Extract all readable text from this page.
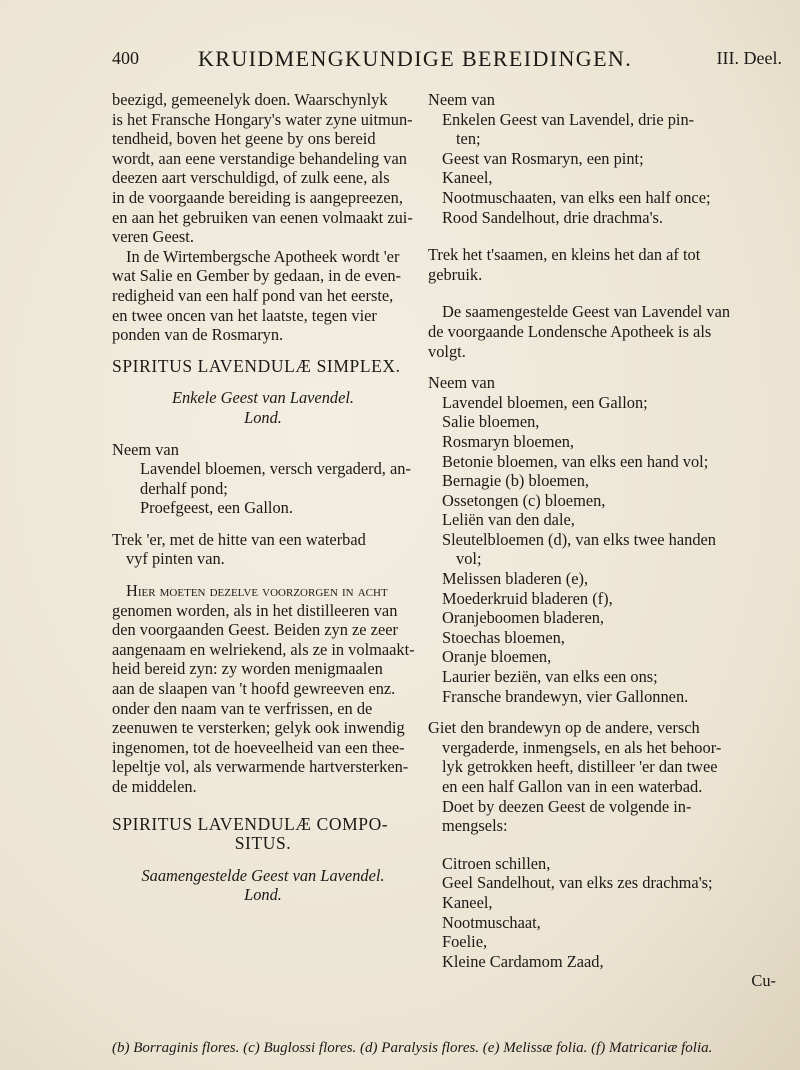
400	KRUIDMENGKUNDIGE BEREIDINGEN.	III. Deel.
beezigd, gemeenelyk doen. Waarschynlyk
is het Fransche Hongary's water zyne uitmun-
tendheid, boven het geene by ons bereid
wordt, aan eene verstandige behandeling van
deezen aart verschuldigd, of zulk eene, als
in de voorgaande bereiding is aangepreezen,
en aan het gebruiken van eenen volmaakt zui-
veren Geest.
In de Wirtembergsche Apotheek wordt 'er
wat Salie en Gember by gedaan, in de even-
redigheid van een half pond van het eerste,
en twee oncen van het laatste, tegen vier
ponden van de Rosmaryn.
SPIRITUS LAVENDULÆ SIMPLEX.
Enkele Geest van Lavendel.
Lond.
Neem van
Lavendel bloemen, versch vergaderd, an-
derhalf pond;
Proefgeest, een Gallon.
Trek 'er, met de hitte van een waterbad
vyf pinten van.
Hier moeten dezelve voorzorgen in acht
genomen worden, als in het distilleeren van
den voorgaanden Geest. Beiden zyn ze zeer
aangenaam en welriekend, als ze in volmaakt-
heid bereid zyn: zy worden menigmaalen
aan de slaapen van 't hoofd gewreeven enz.
onder den naam van te verfrissen, en de
zeenuwen te versterken; gelyk ook inwendig
ingenomen, tot de hoeveelheid van een thee-
lepeltje vol, als verwarmende hartversterken-
de middelen.
SPIRITUS LAVENDULÆ COMPO-
SITUS.
Saamengestelde Geest van Lavendel.
Lond.
Neem van
Enkelen Geest van Lavendel, drie pin-
ten;
Geest van Rosmaryn, een pint;
Kaneel,
Nootmuschaaten, van elks een half once;
Rood Sandelhout, drie drachma's.
Trek het t'saamen, en kleins het dan af tot
gebruik.
De saamengestelde Geest van Lavendel van
de voorgaande Londensche Apotheek is als
volgt.
Neem van
Lavendel bloemen, een Gallon;
Salie bloemen,
Rosmaryn bloemen,
Betonie bloemen, van elks een hand vol;
Bernagie (b) bloemen,
Ossetongen (c) bloemen,
Leliën van den dale,
Sleutelbloemen (d), van elks twee handen
vol;
Melissen bladeren (e),
Moederkruid bladeren (f),
Oranjeboomen bladeren,
Stoechas bloemen,
Oranje bloemen,
Laurier beziën, van elks een ons;
Fransche brandewyn, vier Gallonnen.
Giet den brandewyn op de andere, versch
vergaderde, inmengsels, en als het behoor-
lyk getrokken heeft, distilleer 'er dan twee
en een half Gallon van in een waterbad.
Doet by deezen Geest de volgende in-
mengsels:
Citroen schillen,
Geel Sandelhout, van elks zes drachma's;
Kaneel,
Nootmuschaat,
Foelie,
Kleine Cardamom Zaad,
Cu-
(b) Borraginis flores. (c) Buglossi flores. (d) Paralysis flores. (e) Melissæ folia. (f) Matricariæ folia.
